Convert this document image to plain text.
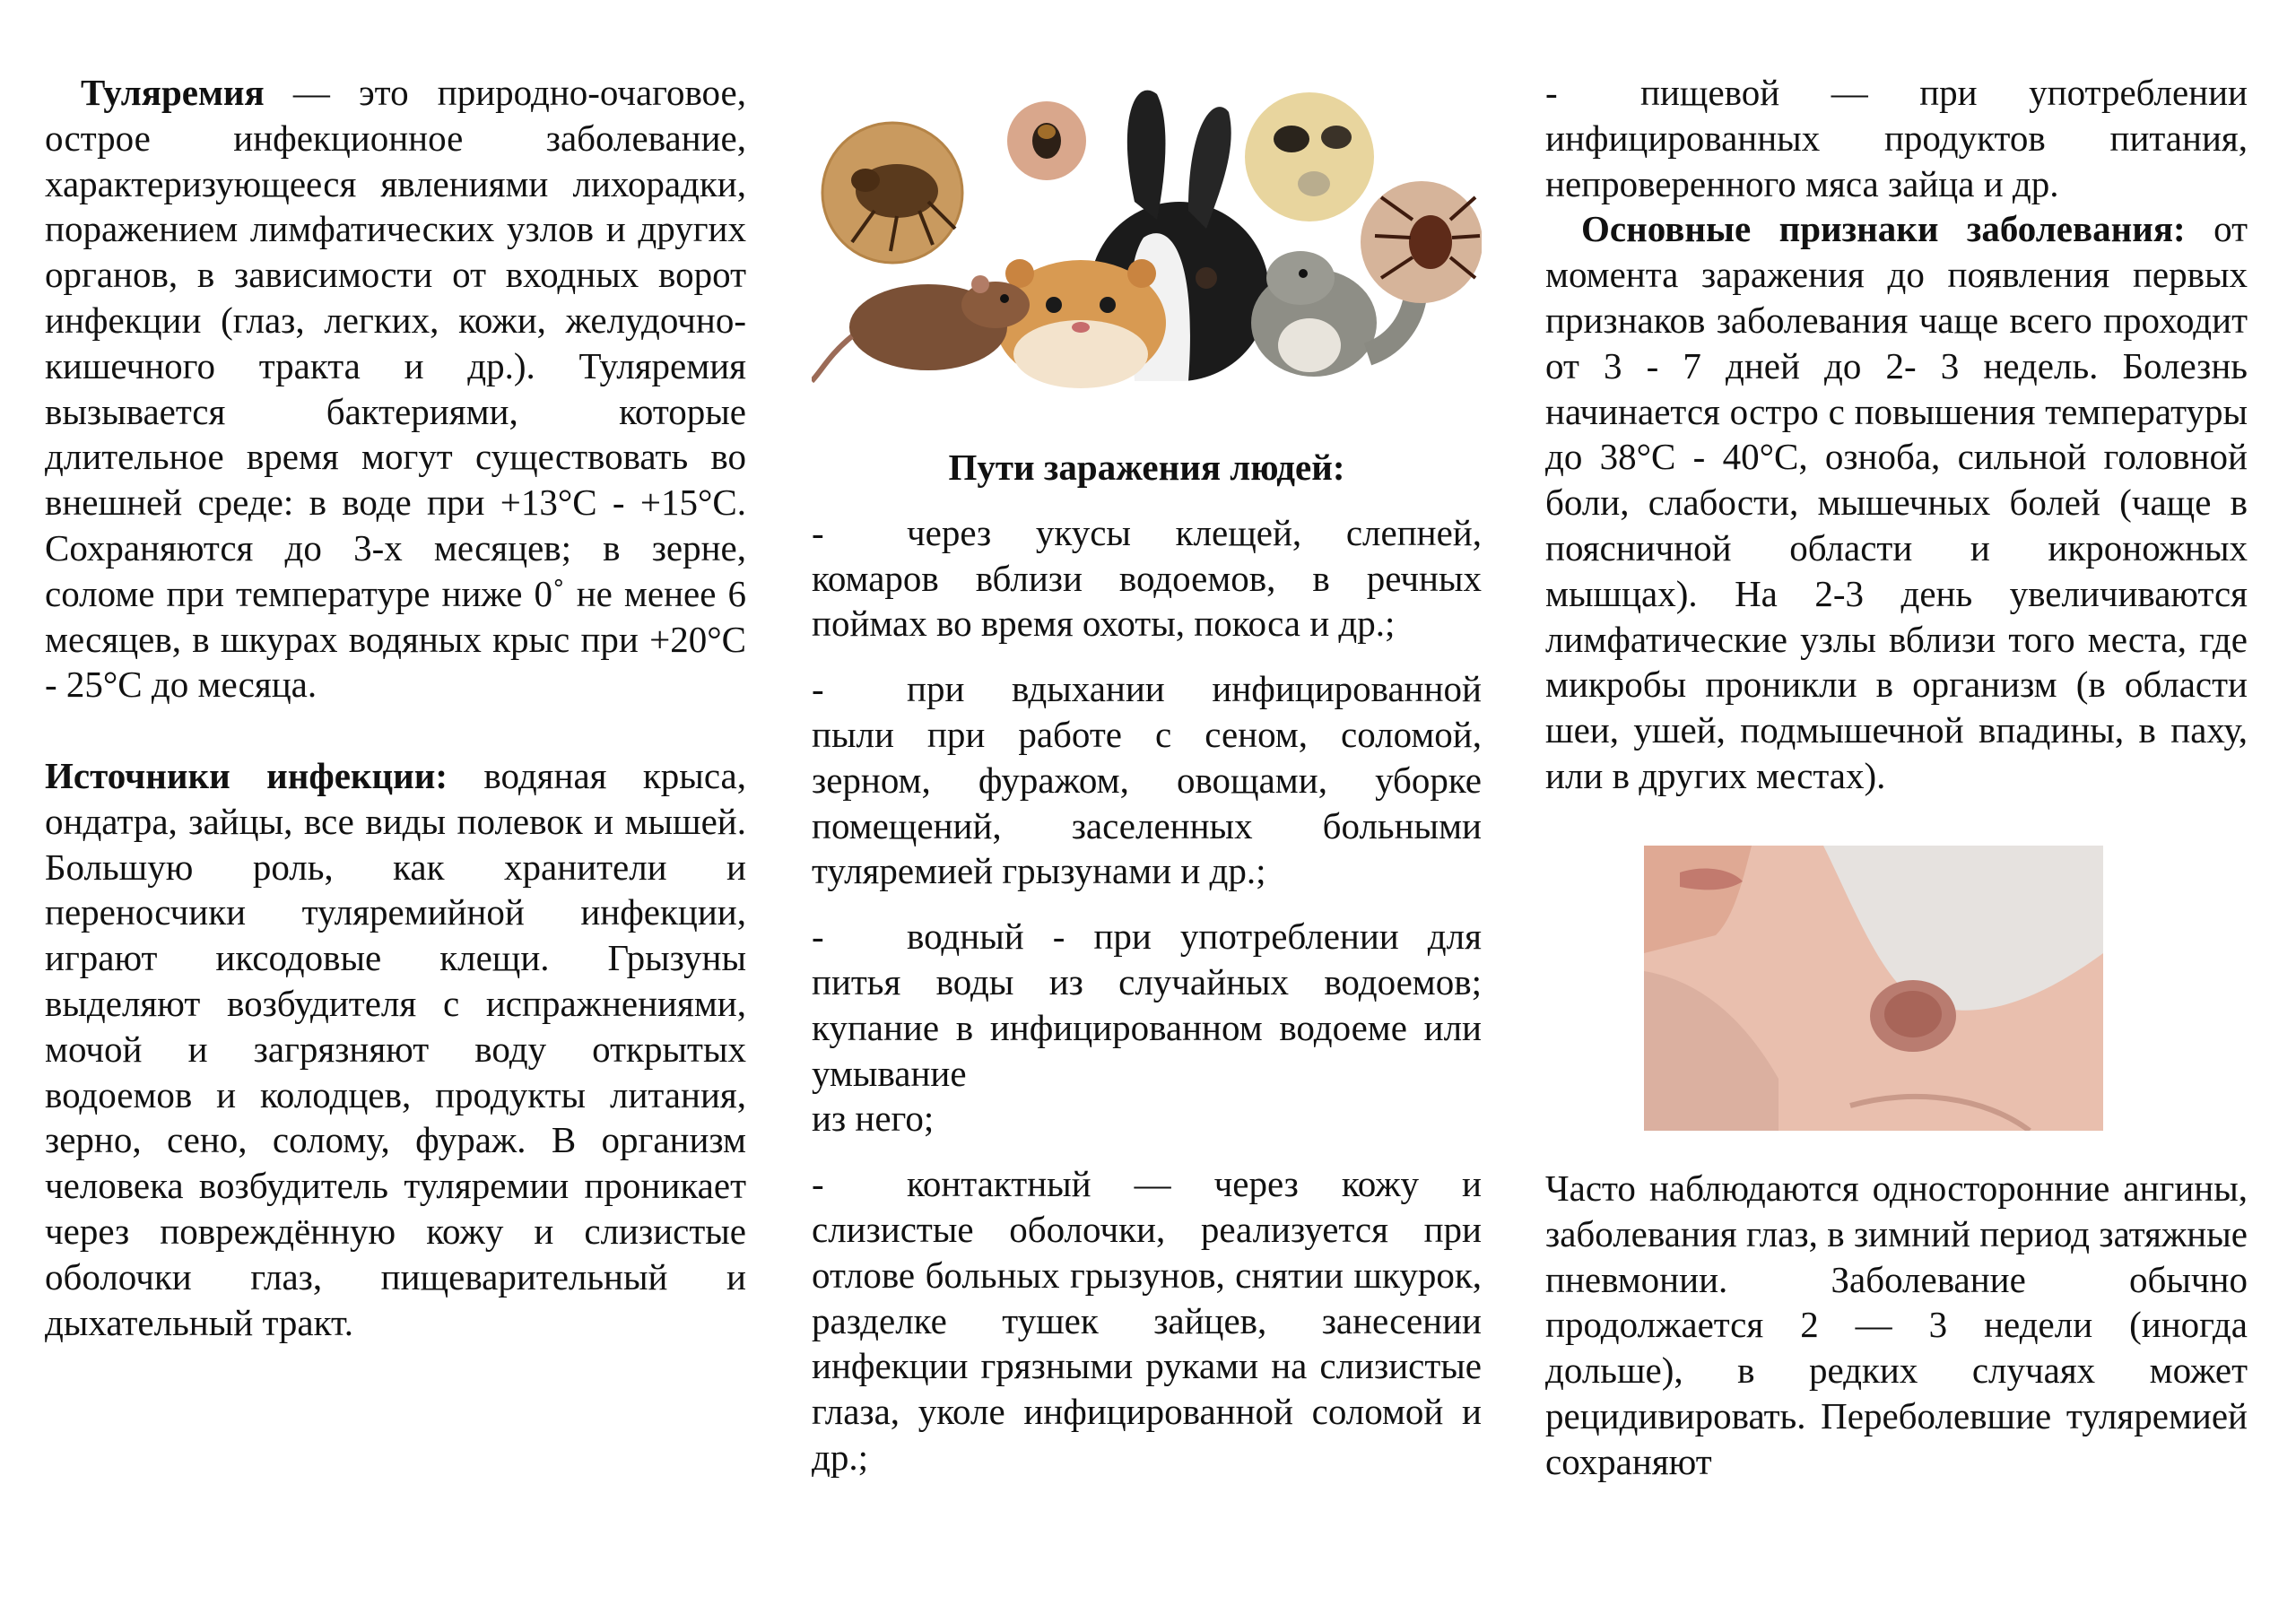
Туляремия — это природно-очаговое, острое инфекционное заболевание, характеризующееся явлениями лихорадки, поражением лимфатических узлов и других органов, в зависимости от входных ворот инфекции (глаз, легких, кожи, желудочно-кишечного тракта и др.). Туляремия вызывается бактериями, которые длительное время могут существовать во внешней среде: в воде при +13°С - +15°С. Сохраняются до 3-х месяцев; в зерне, соломе при температуре ниже 0˚ не менее 6 месяцев, в шкурах водяных крыс при +20°С - 25°С до месяца.

Источники инфекции: водяная крыса, ондатра, зайцы, все виды полевок и мышей. Большую роль, как хранители и переносчики туляремийной инфекции, играют иксодовые клещи. Грызуны выделяют возбудителя с испражнениями, мочой и загрязняют воду открытых водоемов и колодцев, продукты литания, зерно, сено, солому, фураж. В организм человека возбудитель туляремии проникает через повреждённую кожу и слизистые оболочки глаз, пищеварительный и дыхательный тракт.

Пути заражения людей:

- через укусы клещей, слепней, комаров вблизи водоемов, в речных поймах во время охоты, покоса и др.;

- при вдыхании инфицированной пыли при работе с сеном, соломой, зерном, фуражом, овощами, уборке помещений, заселенных больными туляремией грызунами и др.;

- водный - при употреблении для питья воды из случайных водоемов; купание в инфицированном водоеме или умывание

из него;

- контактный — через кожу и слизистые оболочки, реализуется при отлове больных грызунов, снятии шкурок, разделке тушек зайцев, занесении инфекции грязными руками на слизистые глаза, уколе инфицированной соломой и др.;

- пищевой — при употреблении инфицированных продуктов питания, непроверенного мяса зайца и др.

Основные признаки заболевания: от момента заражения до появления первых признаков заболевания чаще всего проходит от 3 - 7 дней до 2- 3 недель. Болезнь начинается остро с повышения температуры до 38°С - 40°С, озноба, сильной головной боли, слабости, мышечных болей (чаще в поясничной области и икроножных мышцах). На 2-3 день увеличиваются лимфатические узлы вблизи того места, где микробы проникли в организм (в области шеи, ушей, подмышечной впадины, в паху, или в других местах).

Часто наблюдаются односторонние ангины, заболевания глаз, в зимний период затяжные пневмонии. Заболевание обычно продолжается 2 — 3 недели (иногда дольше), в редких случаях может рецидивировать. Переболевшие туляремией сохраняют
